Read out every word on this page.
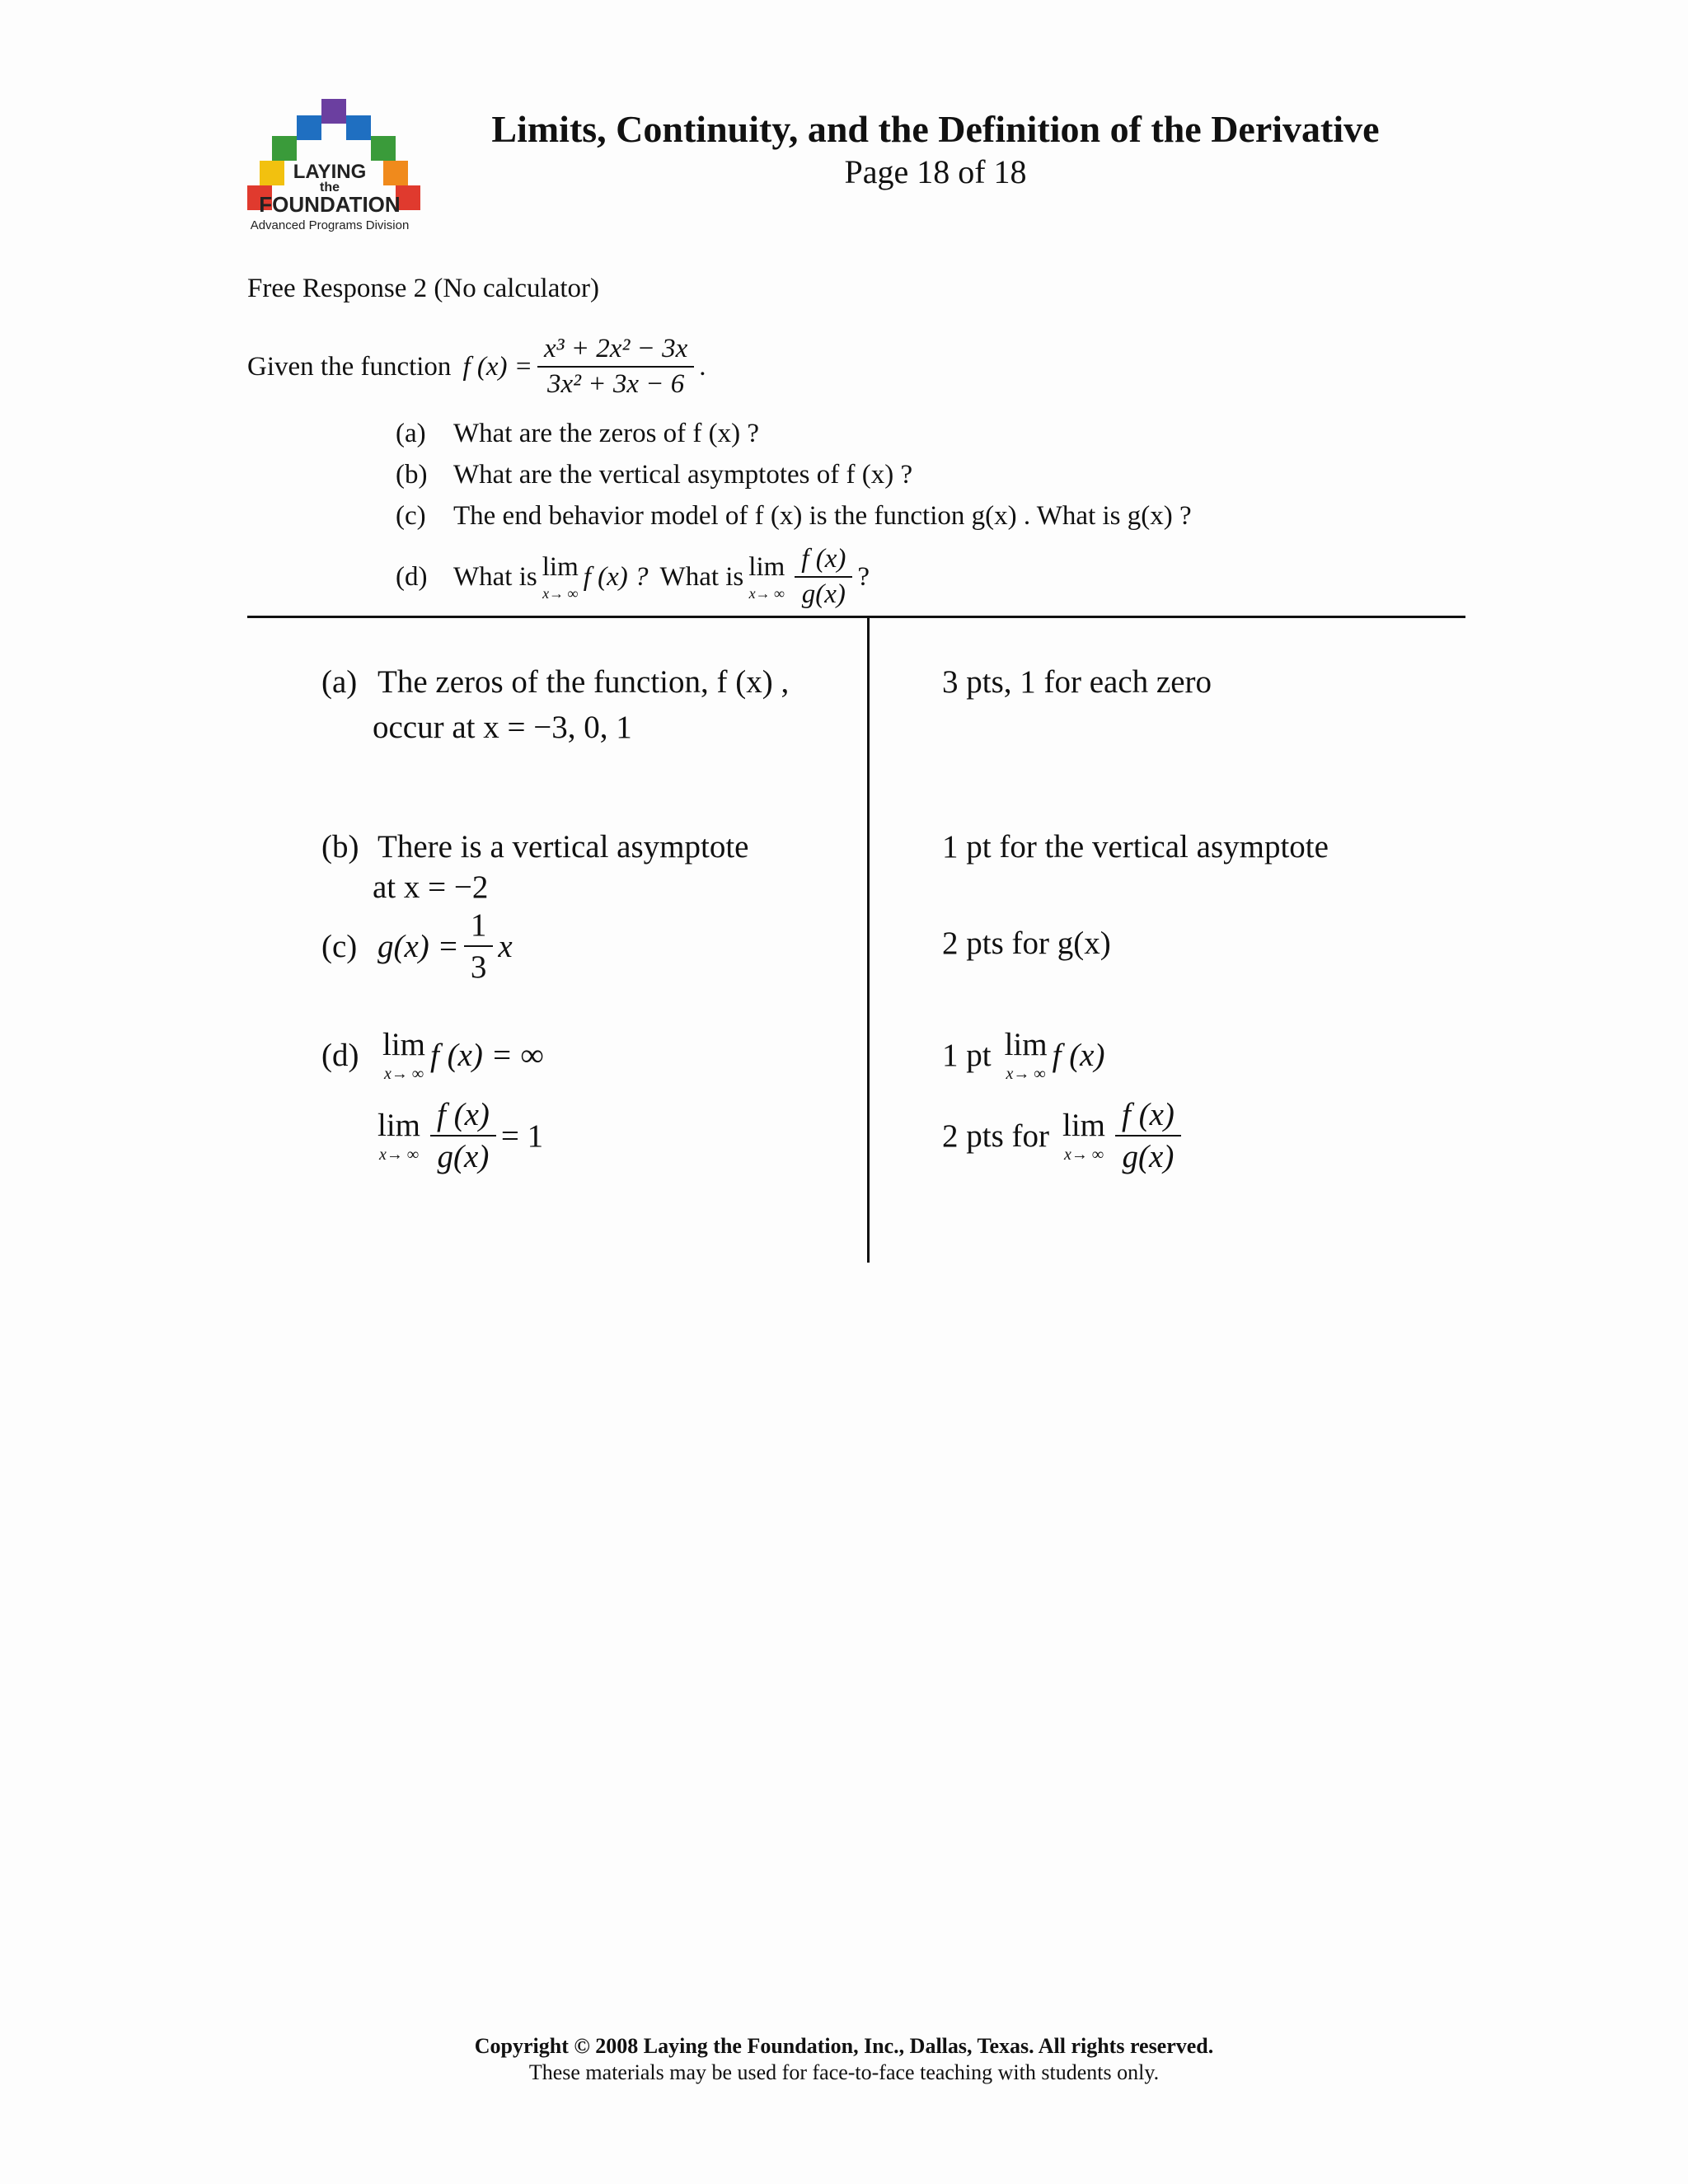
LAYING
the
FOUNDATION
Advanced Programs Division
Limits, Continuity, and the Definition of the Derivative
Page 18 of 18
Free Response 2 (No calculator)
Given the function f $(x) = \frac{\text{x³ + 2x² − 3x}}{\text{3x² + 3x − 6}}$ .
(a)	What are the zeros of f (x) ?
(b) What are the vertical asymptotes of f (x) ?
(c)	The end behavior model of f (x) is the function g(x) . What is g(x) ?
(d) What is lim
x→ ∞
f (x) ? What is lim
x→ ∞ $\frac{f (x)}{g(x)}$ ?
(a) The zeros of the function, f (x) ,
occur at x = −3, 0, 1
(b) There is a vertical asymptote
at x = −2
(c) $g(x) = \frac{1}{3}$ x
(d) lim
x→ ∞
f (x) = ∞
lim
x→ ∞ $\frac{f (x)}{g(x)} = 1$
3 pts, 1 for each zero
1 pt for the vertical asymptote
2 pts for g(x)
1 pt lim
x→ ∞
f (x)
2 pts for lim
x→ ∞ $\frac{f (x)}{g(x)}$
Copyright © 2008 Laying the Foundation, Inc., Dallas, Texas. All rights reserved.
These materials may be used for face-to-face teaching with students only.
